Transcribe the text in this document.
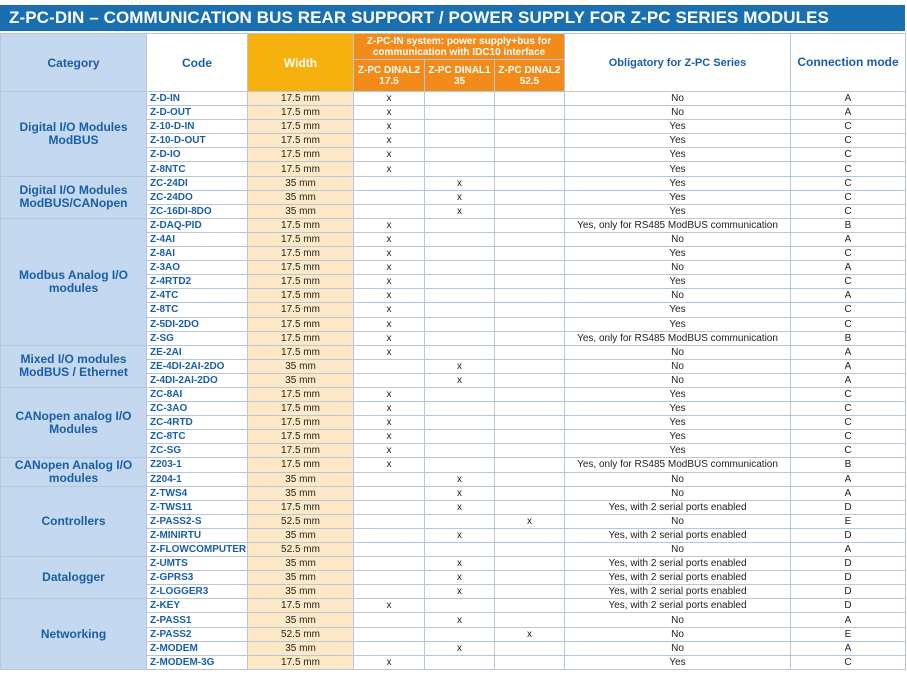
Z-PC-DIN – COMMUNICATION BUS REAR SUPPORT / POWER SUPPLY FOR Z-PC SERIES MODULES
Category	Code	Width	Z-PC-IN system: power supply+bus for communication with IDC10 interface			Obligatory for Z-PC Series	Connection mode
			Z-PC DINAL2 17.5	Z-PC DINAL1 35	Z-PC DINAL2 52.5		
Digital I/O Modules ModBUS	Z-D-IN	17.5 mm	x			No	A
	Z-D-OUT	17.5 mm	x			No	A
	Z-10-D-IN	17.5 mm	x			Yes	C
	Z-10-D-OUT	17.5 mm	x			Yes	C
	Z-D-IO	17.5 mm	x			Yes	C
	Z-8NTC	17.5 mm	x			Yes	C
Digital I/O Modules ModBUS/CANopen	ZC-24DI	35 mm		x		Yes	C
	ZC-24DO	35 mm		x		Yes	C
	ZC-16DI-8DO	35 mm		x		Yes	C
Modbus Analog I/O modules	Z-DAQ-PID	17.5 mm	x			Yes, only for RS485 ModBUS communication	B
	Z-4AI	17.5 mm	x			No	A
	Z-8AI	17.5 mm	x			Yes	C
	Z-3AO	17.5 mm	x			No	A
	Z-4RTD2	17.5 mm	x			Yes	C
	Z-4TC	17.5 mm	x			No	A
	Z-8TC	17.5 mm	x			Yes	C
	Z-5DI-2DO	17.5 mm	x			Yes	C
	Z-SG	17.5 mm	x			Yes, only for RS485 ModBUS communication	B
Mixed I/O modules ModBUS / Ethernet	ZE-2AI	17.5 mm	x			No	A
	ZE-4DI-2AI-2DO	35 mm		x		No	A
	Z-4DI-2AI-2DO	35 mm		x		No	A
CANopen analog I/O Modules	ZC-8AI	17.5 mm	x			Yes	C
	ZC-3AO	17.5 mm	x			Yes	C
	ZC-4RTD	17.5 mm	x			Yes	C
	ZC-8TC	17.5 mm	x			Yes	C
	ZC-SG	17.5 mm	x			Yes	C
CANopen Analog I/O modules	Z203-1	17.5 mm	x			Yes, only for RS485 ModBUS communication	B
	Z204-1	35 mm		x		No	A
Controllers	Z-TWS4	35 mm		x		No	A
	Z-TWS11	17.5 mm		x		Yes, with 2 serial ports enabled	D
	Z-PASS2-S	52.5 mm			x	No	E
	Z-MINIRTU	35 mm		x		Yes, with 2 serial ports enabled	D
	Z-FLOWCOMPUTER	52.5 mm				No	A
Datalogger	Z-UMTS	35 mm		x		Yes, with 2 serial ports enabled	D
	Z-GPRS3	35 mm		x		Yes, with 2 serial ports enabled	D
	Z-LOGGER3	35 mm		x		Yes, with 2 serial ports enabled	D
Networking	Z-KEY	17.5 mm	x			Yes, with 2 serial ports enabled	D
	Z-PASS1	35 mm		x		No	A
	Z-PASS2	52.5 mm			x	No	E
	Z-MODEM	35 mm		x		No	A
	Z-MODEM-3G	17.5 mm	x			Yes	C
